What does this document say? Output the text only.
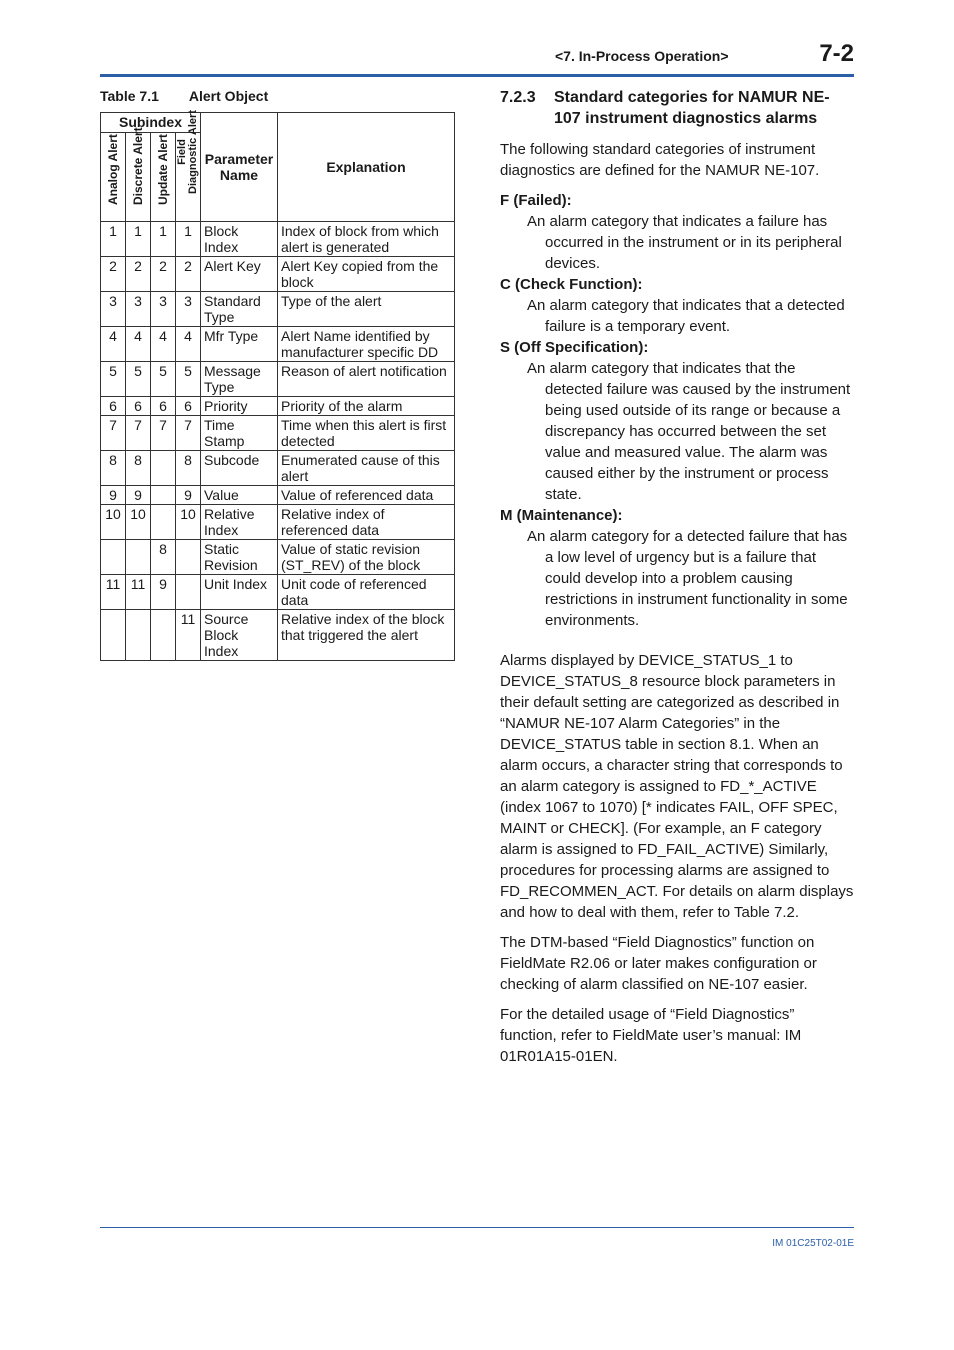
<7. In-Process Operation>	7-2
Table 7.1 Alert Object
Subindex				Parameter Name	Explanation

Analog Alert	Discrete Alert	Update Alert	Field
Diagnostic Alert		

1	1	1	1	Block Index	Index of block from which alert is generated
2	2	2	2	Alert Key	Alert Key copied from the block
3	3	3	3	Standard Type	Type of the alert
4	4	4	4	Mfr Type	Alert Name identified by manufacturer specific DD
5	5	5	5	Message Type	Reason of alert notification
6	6	6	6	Priority	Priority of the alarm
7	7	7	7	Time Stamp	Time when this alert is first detected
8	8		8	Subcode	Enumerated cause of this alert
9	9		9	Value	Value of referenced data
10	10		10	Relative Index	Relative index of referenced data
		8		Static Revision	Value of static revision (ST_REV) of the block
11	11	9		Unit Index	Unit code of referenced data
			11	Source Block Index	Relative index of the block that triggered the alert
7.2.3 Standard categories for NAMUR NE-107 instrument diagnostics alarms

The following standard categories of instrument diagnostics are defined for the NAMUR NE-107.

F (Failed):

An alarm category that indicates a failure has occurred in the instrument or in its peripheral devices.

C (Check Function):

An alarm category that indicates that a detected failure is a temporary event.

S (Off Specification):

An alarm category that indicates that the detected failure was caused by the instrument being used outside of its range or because a discrepancy has occurred between the set value and measured value. The alarm was caused either by the instrument or process state.

M (Maintenance):

An alarm category for a detected failure that has a low level of urgency but is a failure that could develop into a problem causing restrictions in instrument functionality in some environments.

Alarms displayed by DEVICE_STATUS_1 to DEVICE_STATUS_8 resource block parameters in their default setting are categorized as described in “NAMUR NE-107 Alarm Categories” in the DEVICE_STATUS table in section 8.1. When an alarm occurs, a character string that corresponds to an alarm category is assigned to FD_*_ACTIVE (index 1067 to 1070) [* indicates FAIL, OFF SPEC, MAINT or CHECK]. (For example, an F category alarm is assigned to FD_FAIL_ACTIVE) Similarly, procedures for processing alarms are assigned to FD_RECOMMEN_ACT. For details on alarm displays and how to deal with them, refer to Table 7.2.

The DTM-based “Field Diagnostics” function on FieldMate R2.06 or later makes configuration or checking of alarm classified on NE-107 easier.

For the detailed usage of “Field Diagnostics” function, refer to FieldMate user’s manual: IM 01R01A15-01EN.

IM 01C25T02-01E
